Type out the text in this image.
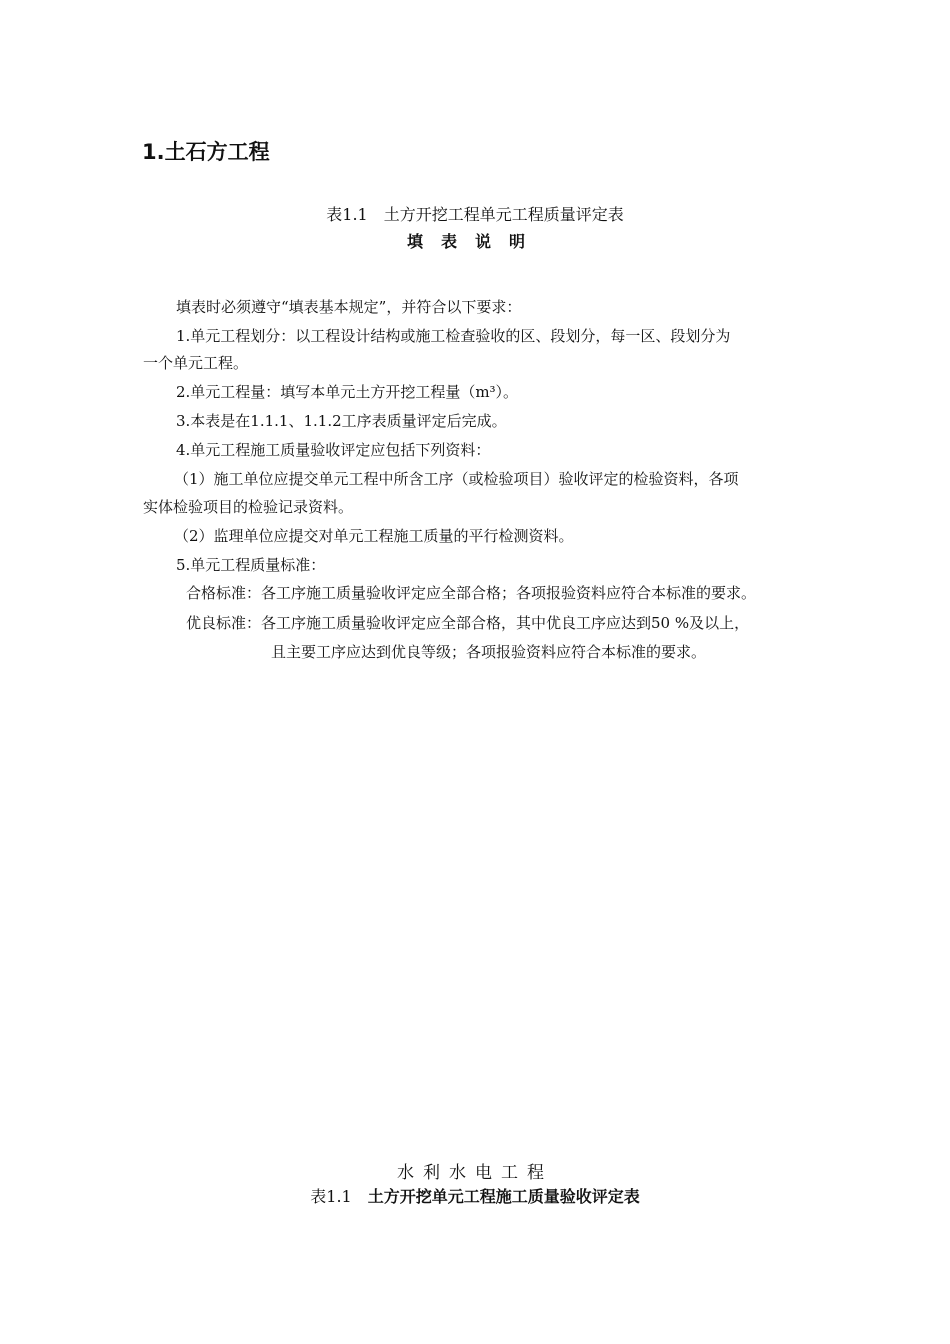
1.土石方工程
表1.1 土方开挖工程单元工程质量评定表
填表说明
填表时必须遵守“填表基本规定”，并符合以下要求：
1.单元工程划分：以工程设计结构或施工检查验收的区、段划分，每一区、段划分为
一个单元工程。
2.单元工程量：填写本单元土方开挖工程量（m³）。
3.本表是在1.1.1、1.1.2工序表质量评定后完成。
4.单元工程施工质量验收评定应包括下列资料：
（1）施工单位应提交单元工程中所含工序（或检验项目）验收评定的检验资料，各项
实体检验项目的检验记录资料。
（2）监理单位应提交对单元工程施工质量的平行检测资料。
5.单元工程质量标准：
合格标准：各工序施工质量验收评定应全部合格；各项报验资料应符合本标准的要求。
优良标准：各工序施工质量验收评定应全部合格，其中优良工序应达到50 %及以上，
且主要工序应达到优良等级；各项报验资料应符合本标准的要求。
水利水电工程
表1.1 土方开挖单元工程施工质量验收评定表
